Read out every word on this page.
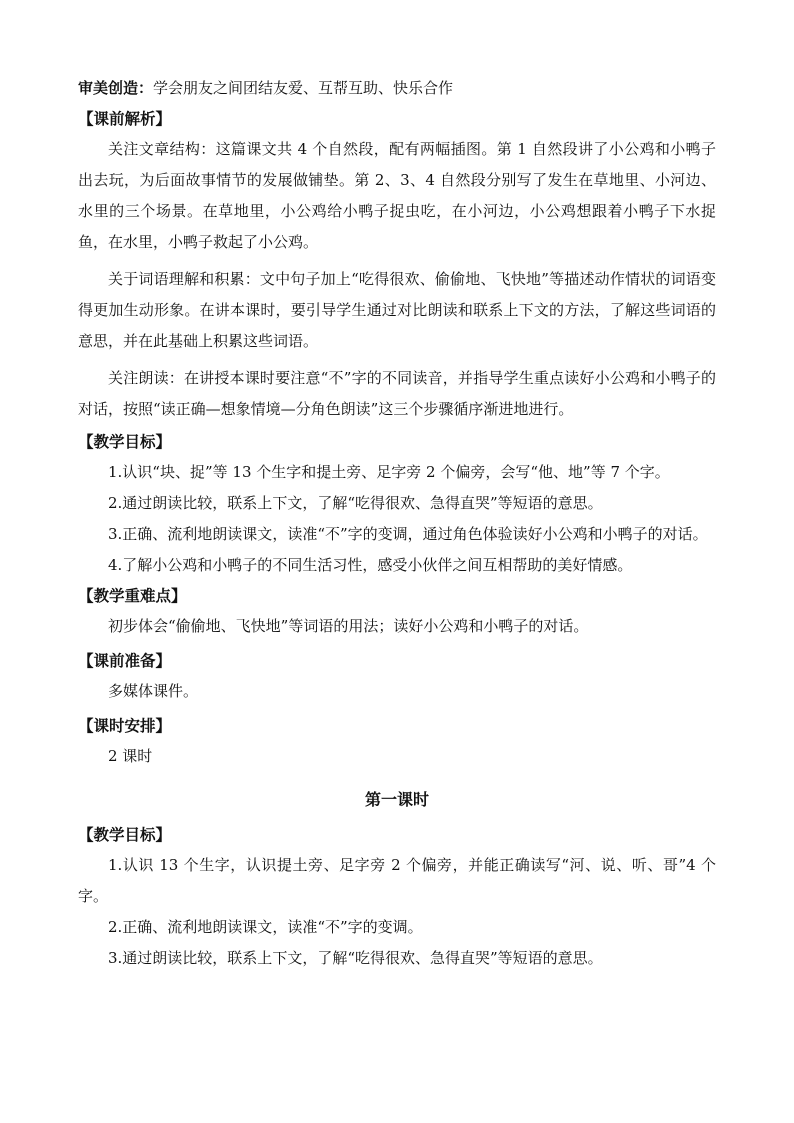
审美创造：学会朋友之间团结友爱、互帮互助、快乐合作

【课前解析】

关注文章结构：这篇课文共 4 个自然段，配有两幅插图。第 1 自然段讲了小公鸡和小鸭子出去玩，为后面故事情节的发展做铺垫。第 2、3、4 自然段分别写了发生在草地里、小河边、水里的三个场景。在草地里，小公鸡给小鸭子捉虫吃，在小河边，小公鸡想跟着小鸭子下水捉鱼，在水里，小鸭子救起了小公鸡。

关于词语理解和积累：文中句子加上“吃得很欢、偷偷地、飞快地”等描述动作情状的词语变得更加生动形象。在讲本课时，要引导学生通过对比朗读和联系上下文的方法，了解这些词语的意思，并在此基础上积累这些词语。

关注朗读：在讲授本课时要注意“不”字的不同读音，并指导学生重点读好小公鸡和小鸭子的对话，按照“读正确—想象情境—分角色朗读”这三个步骤循序渐进地进行。

【教学目标】

1.认识“块、捉”等 13 个生字和提土旁、足字旁 2 个偏旁，会写“他、地”等 7 个字。

2.通过朗读比较，联系上下文，了解“吃得很欢、急得直哭”等短语的意思。

3.正确、流利地朗读课文，读准“不”字的变调，通过角色体验读好小公鸡和小鸭子的对话。

4.了解小公鸡和小鸭子的不同生活习性，感受小伙伴之间互相帮助的美好情感。

【教学重难点】

初步体会“偷偷地、飞快地”等词语的用法；读好小公鸡和小鸭子的对话。

【课前准备】

多媒体课件。

【课时安排】

2 课时

第一课时

【教学目标】

1.认识 13 个生字，认识提土旁、足字旁 2 个偏旁，并能正确读写“河、说、听、哥”4 个字。

2.正确、流利地朗读课文，读准“不”字的变调。

3.通过朗读比较，联系上下文，了解“吃得很欢、急得直哭”等短语的意思。
